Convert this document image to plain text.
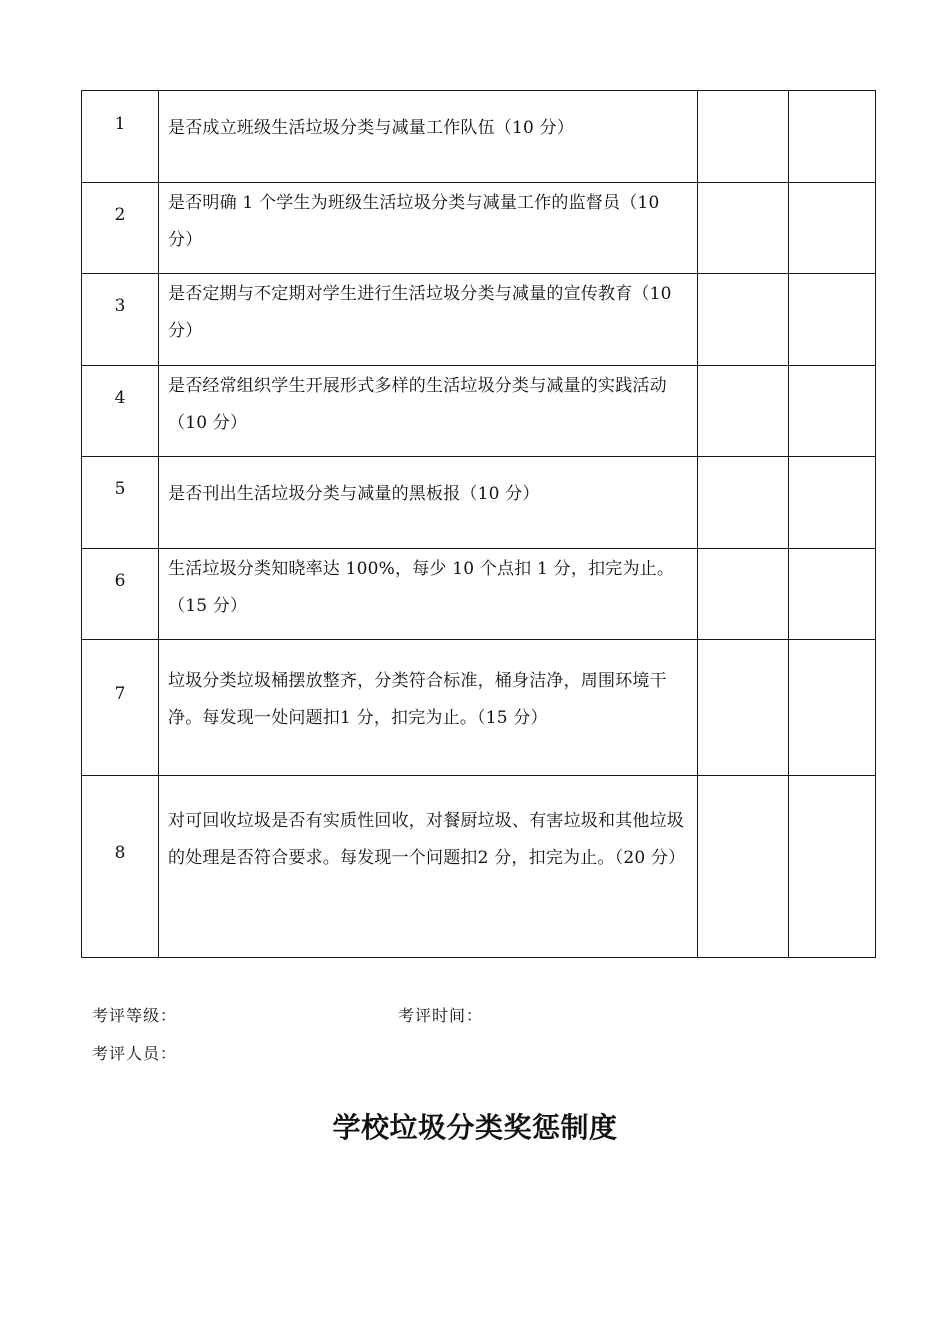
1	是否成立班级生活垃圾分类与减量工作队伍（10 分）		

2	是否明确 1 个学生为班级生活垃圾分类与减量工作的监督员（10 分）		

3	是否定期与不定期对学生进行生活垃圾分类与减量的宣传教育（10 分）		

4	是否经常组织学生开展形式多样的生活垃圾分类与减量的实践活动（10 分）		

5	是否刊出生活垃圾分类与减量的黑板报（10 分）		

6	生活垃圾分类知晓率达 100%，每少 10 个点扣 1 分，扣完为止。（15 分）		

7	垃圾分类垃圾桶摆放整齐，分类符合标准，桶身洁净，周围环境干净。每发现一处问题扣1 分，扣完为止。（15 分）		

8	对可回收垃圾是否有实质性回收，对餐厨垃圾、有害垃圾和其他垃圾的处理是否符合要求。每发现一个问题扣2 分，扣完为止。（20 分）		

考评等级：	考评时间：
考评人员：
学校垃圾分类奖惩制度
